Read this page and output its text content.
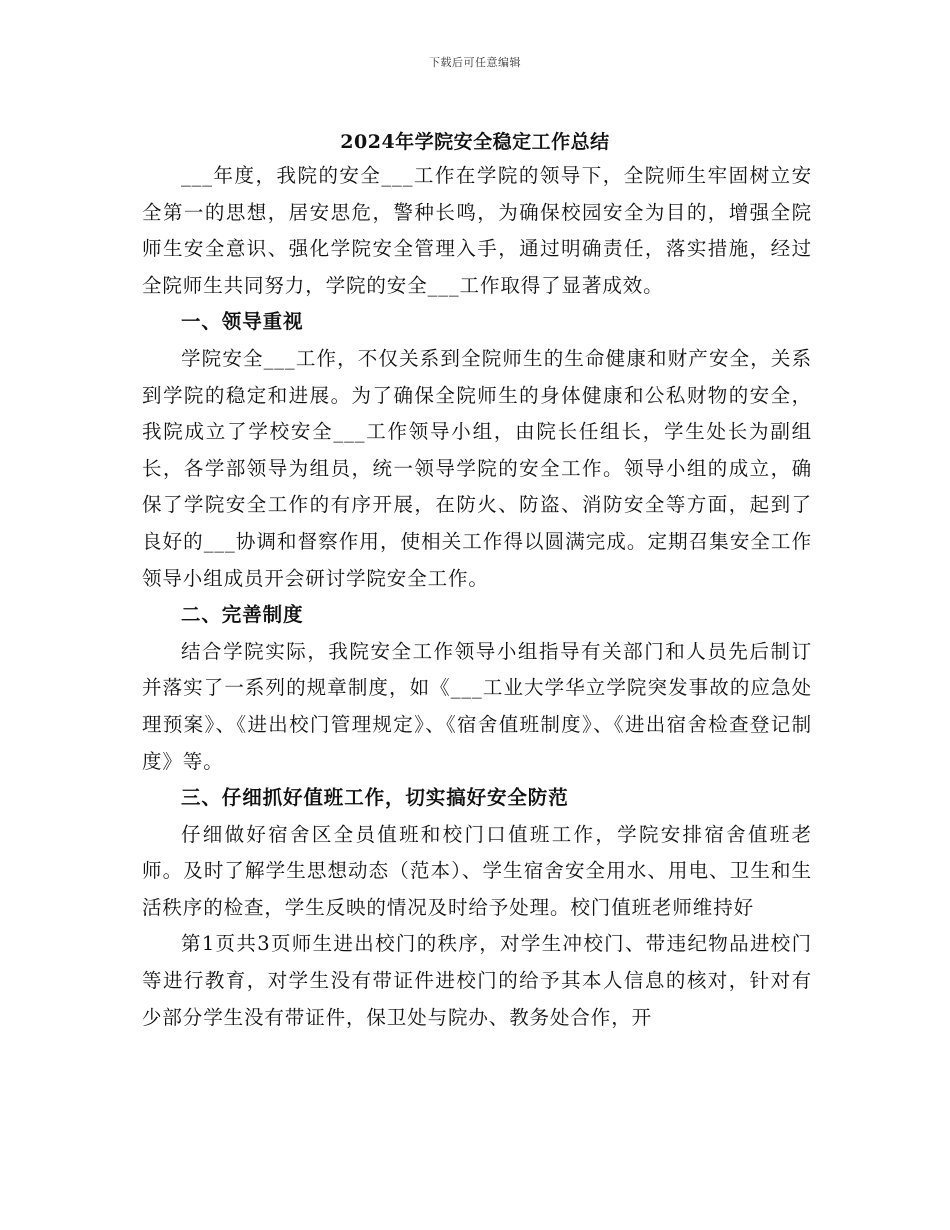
下载后可任意编辑
2024年学院安全稳定工作总结

___年度，我院的安全___工作在学院的领导下，全院师生牢固树立安全第一的思想，居安思危，警种长鸣，为确保校园安全为目的，增强全院师生安全意识、强化学院安全管理入手，通过明确责任，落实措施，经过全院师生共同努力，学院的安全___工作取得了显著成效。

一、领导重视

学院安全___工作，不仅关系到全院师生的生命健康和财产安全，关系到学院的稳定和进展。为了确保全院师生的身体健康和公私财物的安全，我院成立了学校安全___工作领导小组，由院长任组长，学生处长为副组长，各学部领导为组员，统一领导学院的安全工作。领导小组的成立，确保了学院安全工作的有序开展，在防火、防盗、消防安全等方面，起到了良好的___协调和督察作用，使相关工作得以圆满完成。定期召集安全工作领导小组成员开会研讨学院安全工作。

二、完善制度

结合学院实际，我院安全工作领导小组指导有关部门和人员先后制订并落实了一系列的规章制度，如《___工业大学华立学院突发事故的应急处理预案》、《进出校门管理规定》、《宿舍值班制度》、《进出宿舍检查登记制度》等。

三、仔细抓好值班工作，切实搞好安全防范

仔细做好宿舍区全员值班和校门口值班工作，学院安排宿舍值班老师。及时了解学生思想动态（范本）、学生宿舍安全用水、用电、卫生和生活秩序的检查，学生反映的情况及时给予处理。校门值班老师维持好

第1页共3页师生进出校门的秩序，对学生冲校门、带违纪物品进校门等进行教育，对学生没有带证件进校门的给予其本人信息的核对，针对有少部分学生没有带证件，保卫处与院办、教务处合作，开
